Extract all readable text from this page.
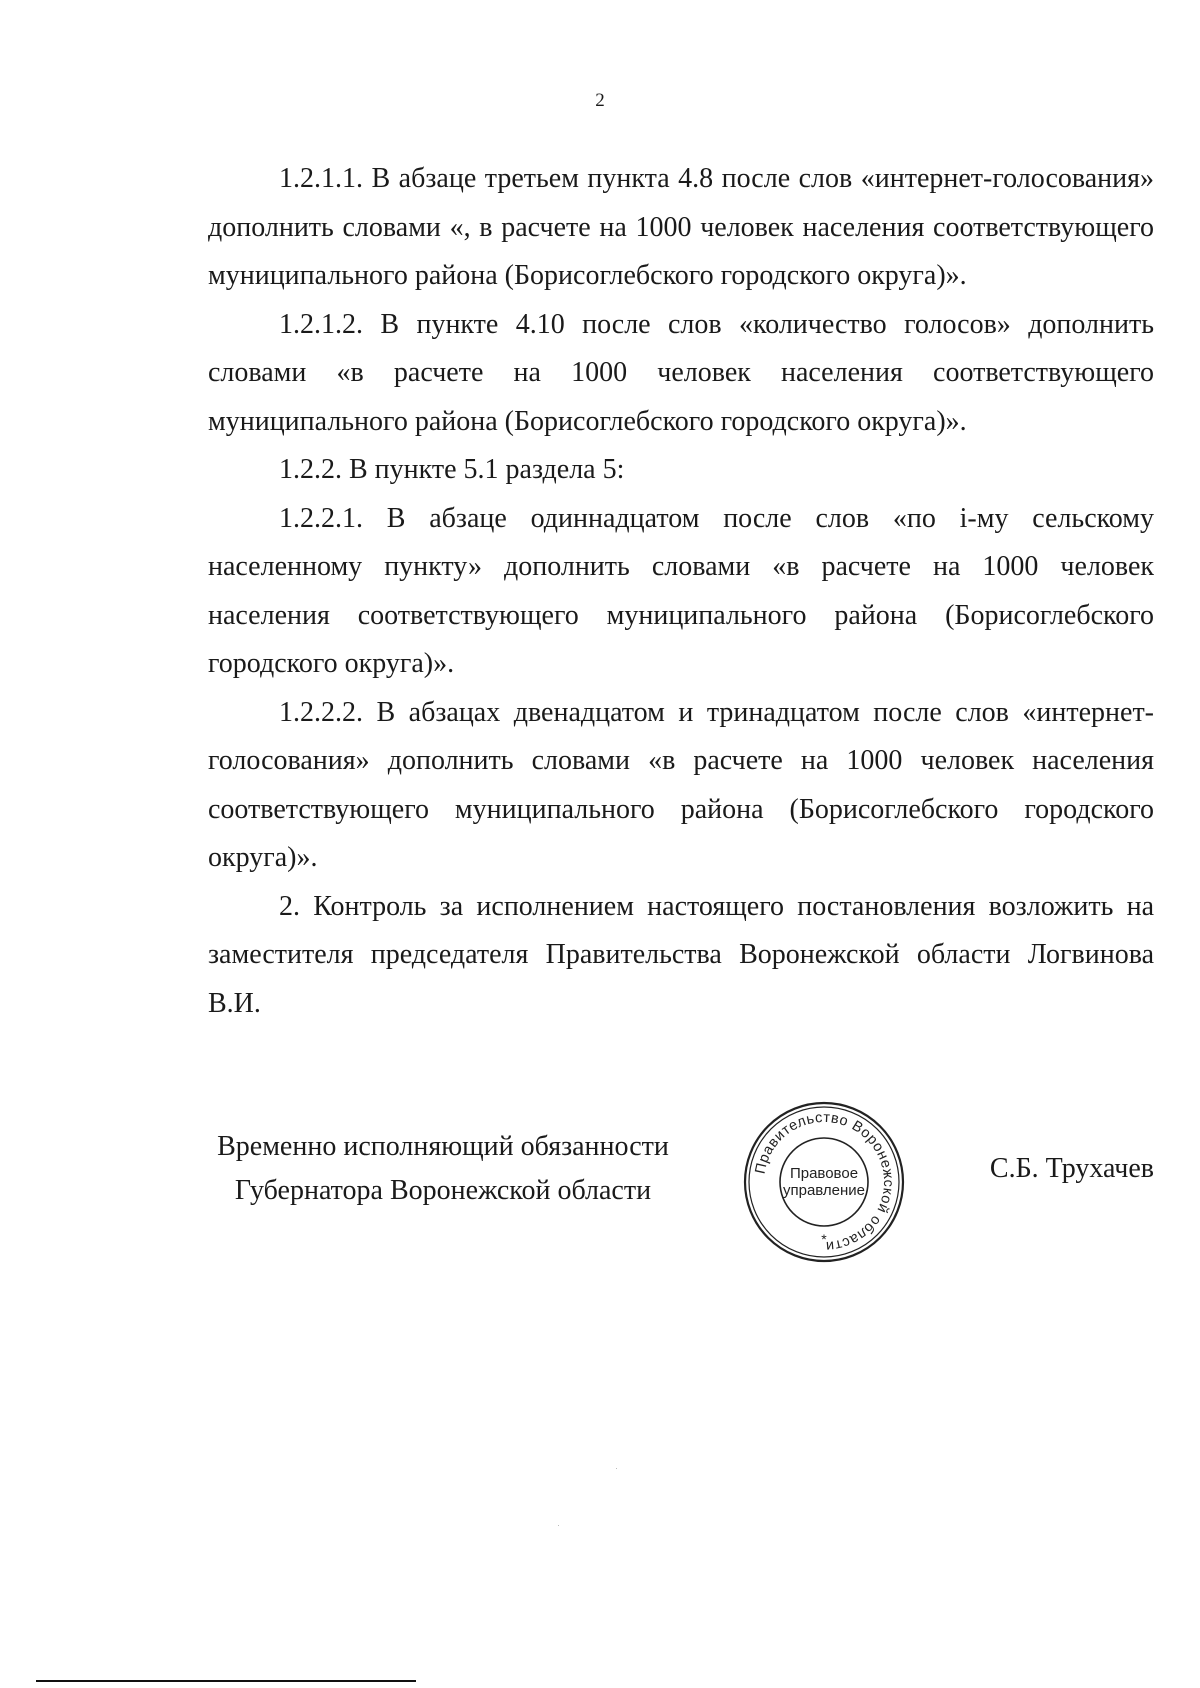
2

1.2.1.1. В абзаце третьем пункта 4.8 после слов «интернет-голосования» дополнить словами «, в расчете на 1000 человек населения соответствующего муниципального района (Борисоглебского городского округа)».

1.2.1.2. В пункте 4.10 после слов «количество голосов» дополнить словами «в расчете на 1000 человек населения соответствующего муниципального района (Борисоглебского городского округа)».

1.2.2. В пункте 5.1 раздела 5:

1.2.2.1. В абзаце одиннадцатом после слов «по i-му сельскому населенному пункту» дополнить словами «в расчете на 1000 человек населения соответствующего муниципального района (Борисоглебского городского округа)».

1.2.2.2. В абзацах двенадцатом и тринадцатом после слов «интернет-голосования» дополнить словами «в расчете на 1000 человек населения соответствующего муниципального района (Борисоглебского городского округа)».

2. Контроль за исполнением настоящего постановления возложить на заместителя председателя Правительства Воронежской области Логвинова В.И.

Временно исполняющий обязанности
Губернатора Воронежской области
Правительство Воронежской области
Правовое
управление
*
С.Б. Трухачев
